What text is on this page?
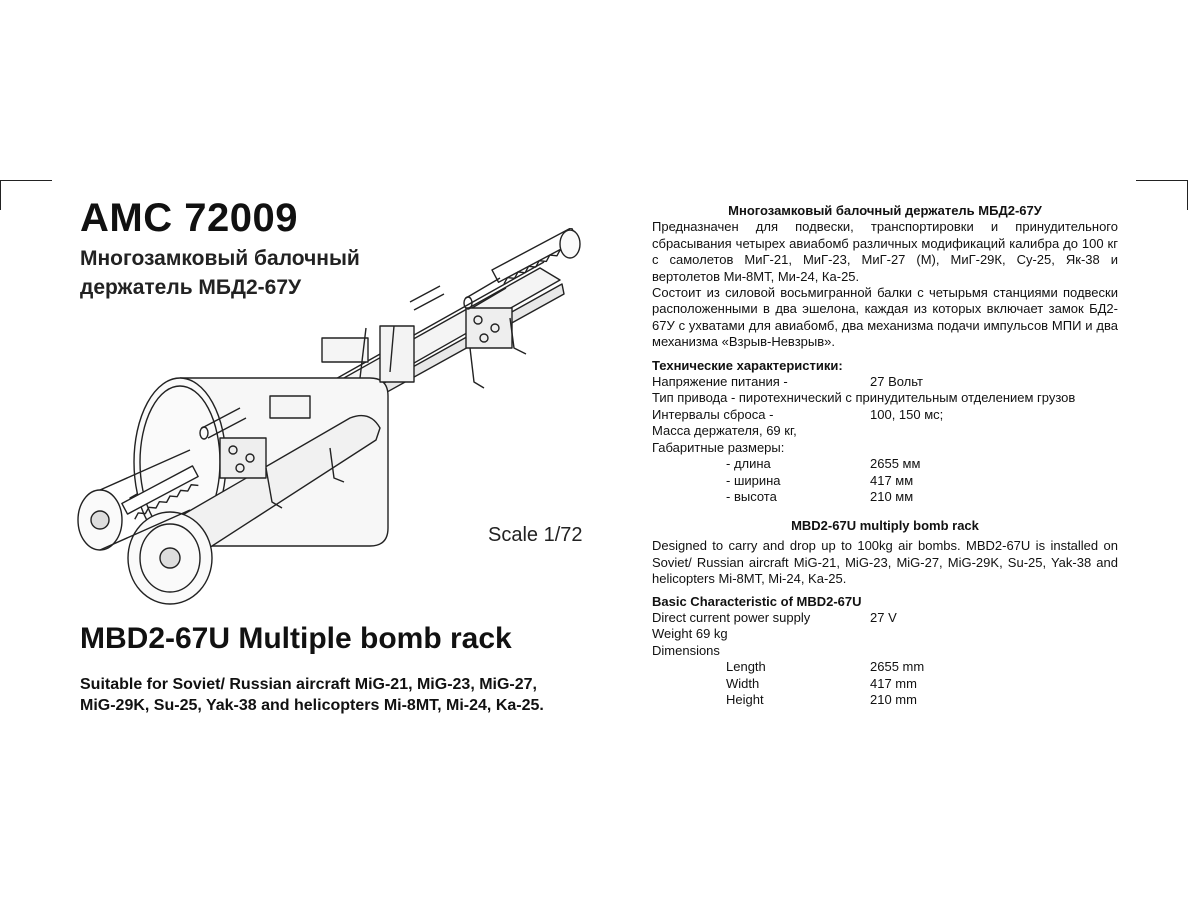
AMC 72009
Многозамковый балочный
держатель МБД2-67У
Scale 1/72
MBD2-67U Multiple bomb rack
Suitable for Soviet/ Russian aircraft MiG-21, MiG-23, MiG-27,
MiG-29K, Su-25, Yak-38 and helicopters Mi-8MT, Mi-24, Ka-25.
Многозамковый балочный держатель МБД2-67У
Предназначен для подвески, транспортировки и принудительного сбрасывания четырех авиабомб различных модификаций калибра до 100 кг с самолетов МиГ-21, МиГ-23, МиГ-27 (М), МиГ-29К, Су-25, Як-38 и вертолетов Ми-8МТ, Ми-24, Ка-25.
Состоит из силовой восьмигранной балки с четырьмя станциями подвески расположенными в два эшелона, каждая из которых включает замок БД2-67У с ухватами для авиабомб, два механизма подачи импульсов МПИ и два механизма «Взрыв-Невзрыв».
Технические характеристики:
Напряжение питания -	27 Вольт
Тип привода - пиротехнический с принудительным отделением грузов
Интервалы сброса -	100, 150 мс;
Масса держателя, 69 кг,
Габаритные размеры:
- длина	2655 мм
- ширина	417 мм
- высота	210 мм
MBD2-67U multiply bomb rack
Designed to carry and drop up to 100kg air bombs. MBD2-67U is installed on Soviet/ Russian aircraft MiG-21, MiG-23, MiG-27, MiG-29K, Su-25, Yak-38 and helicopters Mi-8MT, Mi-24, Ka-25.
Basic Characteristic of MBD2-67U
Direct current power supply	27 V
Weight 69 kg
Dimensions
Length	2655 mm
Width	417 mm
Height	210 mm
